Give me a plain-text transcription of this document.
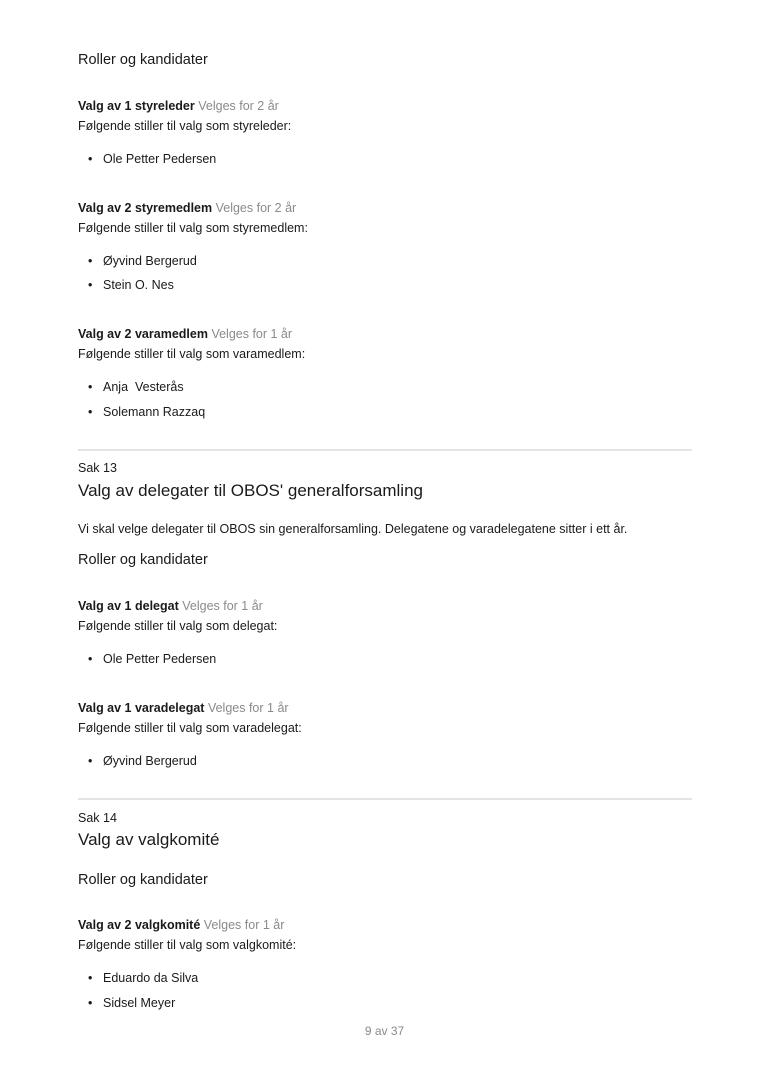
Roller og kandidater
Valg av 1 styreleder Velges for 2 år
Følgende stiller til valg som styreleder:
• Ole Petter Pedersen
Valg av 2 styremedlem Velges for 2 år
Følgende stiller til valg som styremedlem:
• Øyvind Bergerud
• Stein O. Nes
Valg av 2 varamedlem Velges for 1 år
Følgende stiller til valg som varamedlem:
• Anja  Vesterås
• Solemann Razzaq
Sak 13
Valg av delegater til OBOS' generalforsamling
Vi skal velge delegater til OBOS sin generalforsamling. Delegatene og varadelegatene sitter i ett år.
Roller og kandidater
Valg av 1 delegat Velges for 1 år
Følgende stiller til valg som delegat:
• Ole Petter Pedersen
Valg av 1 varadelegat Velges for 1 år
Følgende stiller til valg som varadelegat:
• Øyvind Bergerud
Sak 14
Valg av valgkomité
Roller og kandidater
Valg av 2 valgkomité Velges for 1 år
Følgende stiller til valg som valgkomité:
• Eduardo da Silva
• Sidsel Meyer
9 av 37
